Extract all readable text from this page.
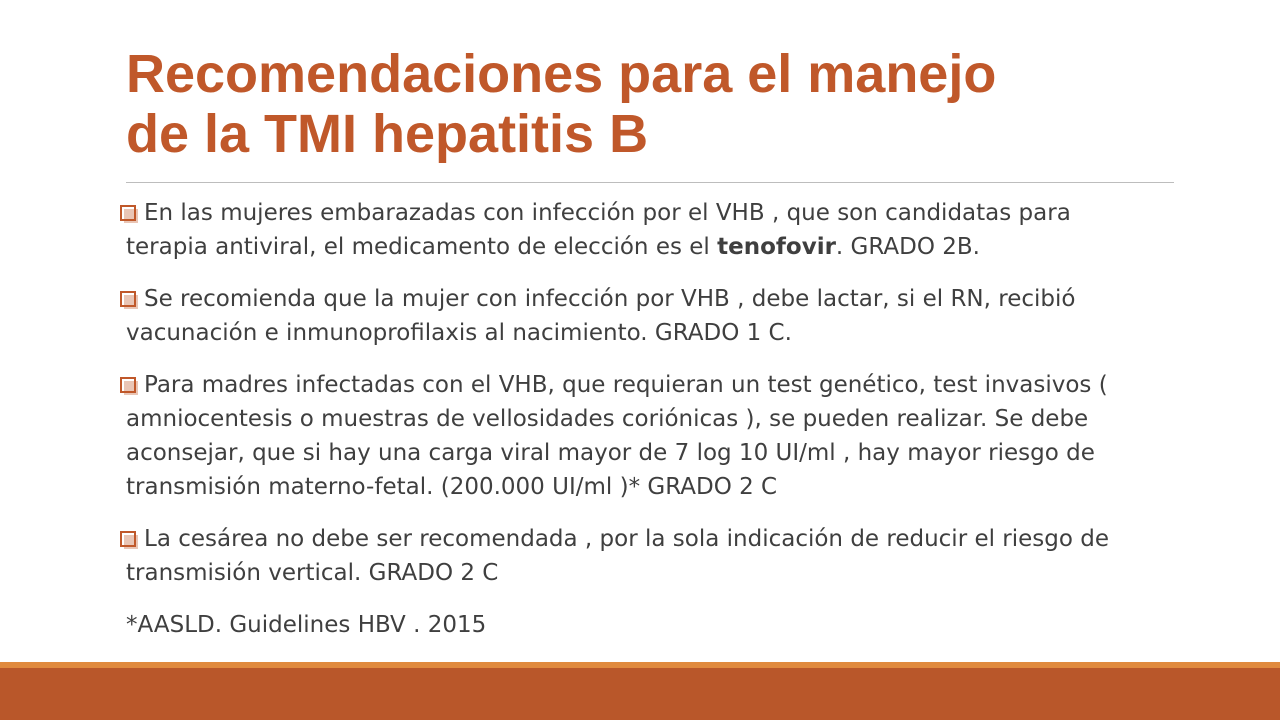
Recomendaciones para el manejo
de la TMI hepatitis B
En las mujeres embarazadas con infección por el VHB , que son candidatas para terapia antiviral, el medicamento de elección es el tenofovir. GRADO 2B.
Se recomienda que la mujer con infección por VHB , debe lactar, si el RN, recibió vacunación e inmunoprofilaxis al nacimiento. GRADO 1 C.
Para madres infectadas con el VHB, que requieran un test genético, test invasivos ( amniocentesis o muestras de vellosidades coriónicas ), se pueden realizar. Se debe aconsejar, que si hay una carga viral mayor de 7 log 10 UI/ml , hay mayor riesgo de transmisión materno-fetal. (200.000 UI/ml )* GRADO 2 C
La cesárea no debe ser recomendada , por la sola indicación de reducir el riesgo de transmisión vertical. GRADO 2 C
*AASLD. Guidelines HBV . 2015
